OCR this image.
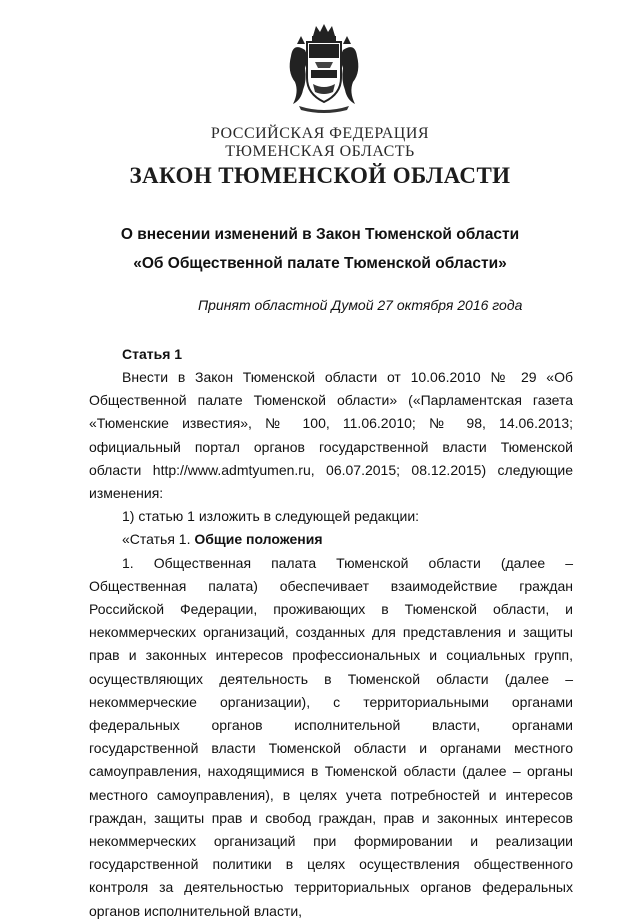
РОССИЙСКАЯ ФЕДЕРАЦИЯ
ТЮМЕНСКАЯ ОБЛАСТЬ
ЗАКОН ТЮМЕНСКОЙ ОБЛАСТИ
О внесении изменений в Закон Тюменской области
«Об Общественной палате Тюменской области»
Принят областной Думой 27 октября 2016 года
Статья 1

Внести в Закон Тюменской области от 10.06.2010 № 29 «Об Общественной палате Тюменской области» («Парламентская газета «Тюменские известия», № 100, 11.06.2010; № 98, 14.06.2013; официальный портал органов государственной власти Тюменской области http://www.admtyumen.ru, 06.07.2015; 08.12.2015) следующие изменения:

1) статью 1 изложить в следующей редакции:

«Статья 1. Общие положения

1. Общественная палата Тюменской области (далее – Общественная палата) обеспечивает взаимодействие граждан Российской Федерации, проживающих в Тюменской области, и некоммерческих организаций, созданных для представления и защиты прав и законных интересов профессиональных и социальных групп, осуществляющих деятельность в Тюменской области (далее – некоммерческие организации), с территориальными органами федеральных органов исполнительной власти, органами государственной власти Тюменской области и органами местного самоуправления, находящимися в Тюменской области (далее – органы местного самоуправления), в целях учета потребностей и интересов граждан, защиты прав и свобод граждан, прав и законных интересов некоммерческих организаций при формировании и реализации государственной политики в целях осуществления общественного контроля за деятельностью территориальных органов федеральных органов исполнительной власти,
